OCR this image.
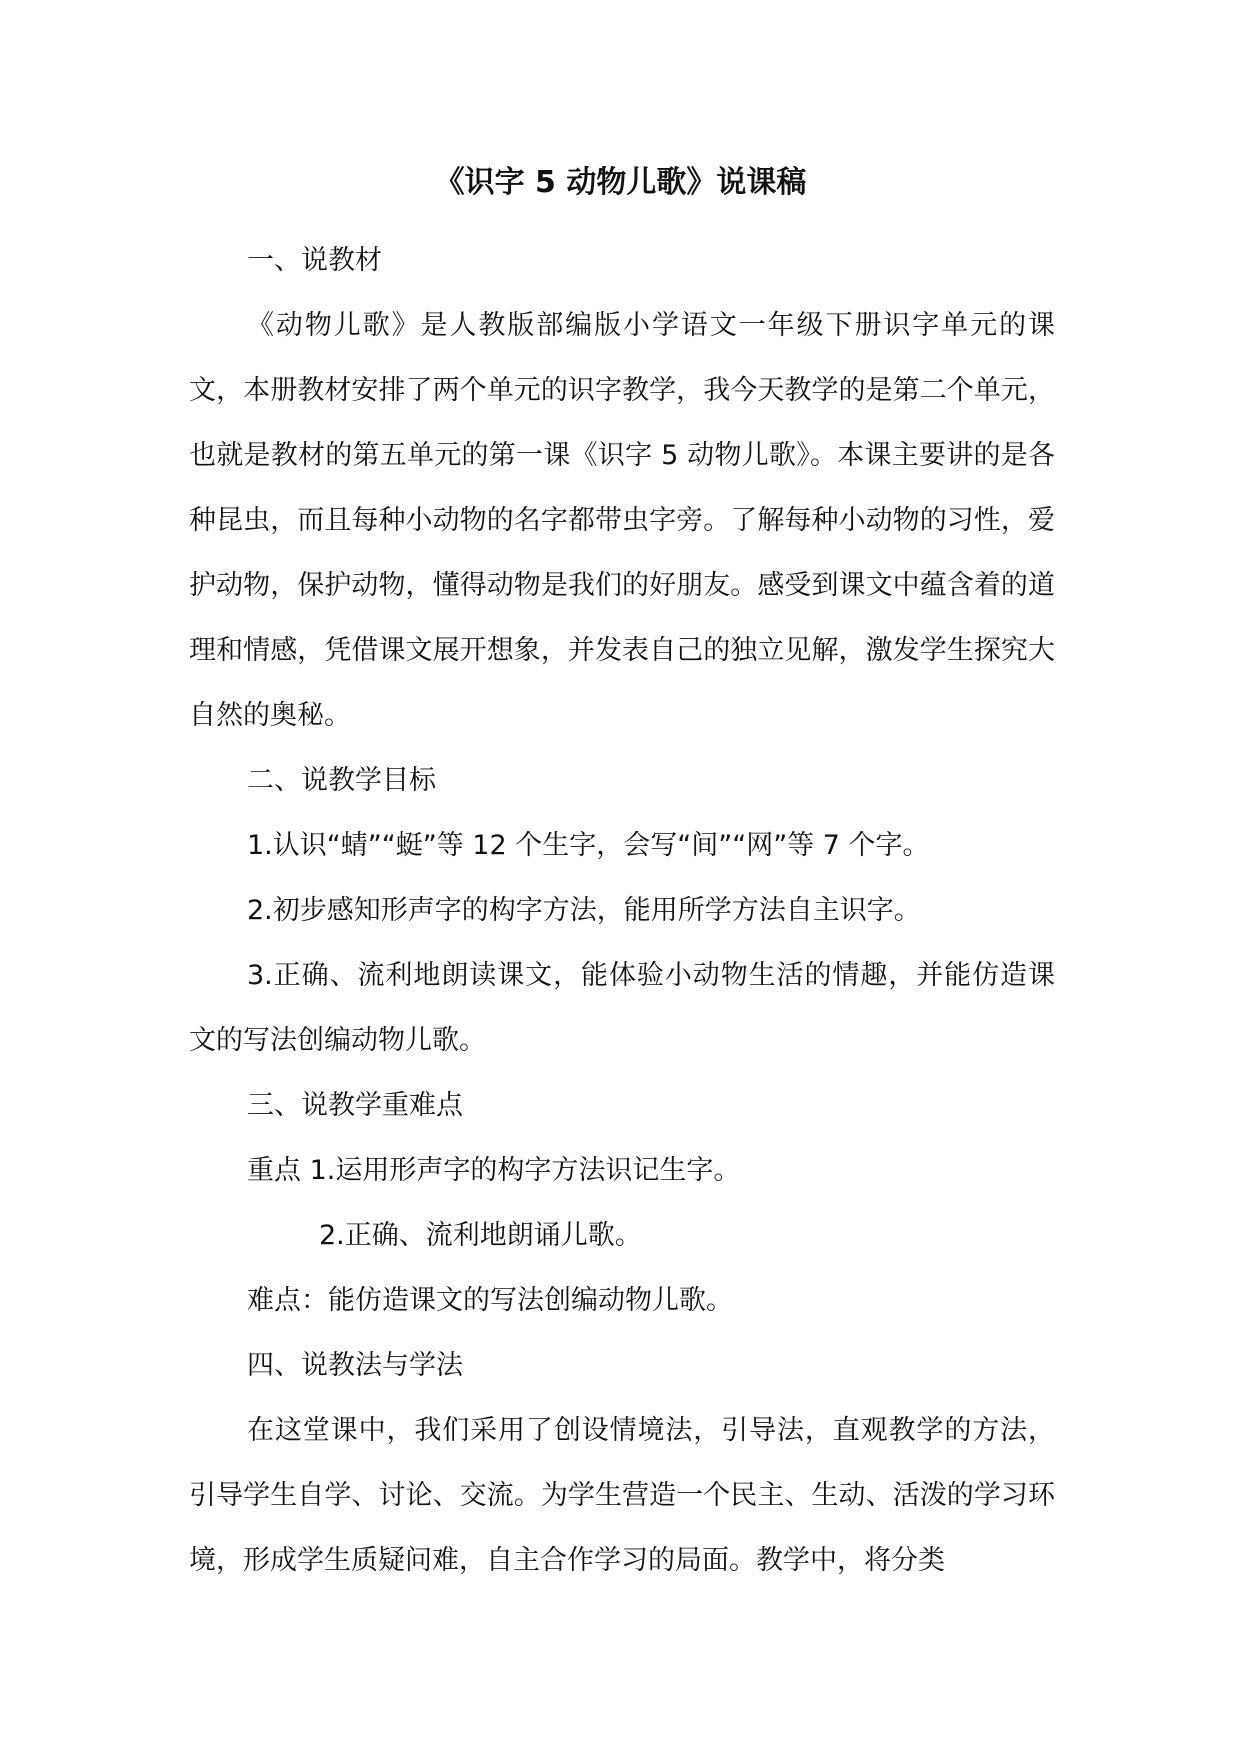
《识字 5 动物儿歌》说课稿

一、说教材

《动物儿歌》是人教版部编版小学语文一年级下册识字单元的课文，本册教材安排了两个单元的识字教学，我今天教学的是第二个单元，也就是教材的第五单元的第一课《识字 5 动物儿歌》。本课主要讲的是各种昆虫，而且每种小动物的名字都带虫字旁。了解每种小动物的习性，爱护动物，保护动物，懂得动物是我们的好朋友。感受到课文中蕴含着的道理和情感，凭借课文展开想象，并发表自己的独立见解，激发学生探究大自然的奥秘。

二、说教学目标

1.认识“蜻”“蜓”等 12 个生字，会写“间”“网”等 7 个字。

2.初步感知形声字的构字方法，能用所学方法自主识字。

3.正确、流利地朗读课文，能体验小动物生活的情趣，并能仿造课文的写法创编动物儿歌。

三、说教学重难点

重点 1.运用形声字的构字方法识记生字。

2.正确、流利地朗诵儿歌。

难点：能仿造课文的写法创编动物儿歌。

四、说教法与学法

在这堂课中，我们采用了创设情境法，引导法，直观教学的方法，引导学生自学、讨论、交流。为学生营造一个民主、生动、活泼的学习环境，形成学生质疑问难，自主合作学习的局面。教学中，将分类
